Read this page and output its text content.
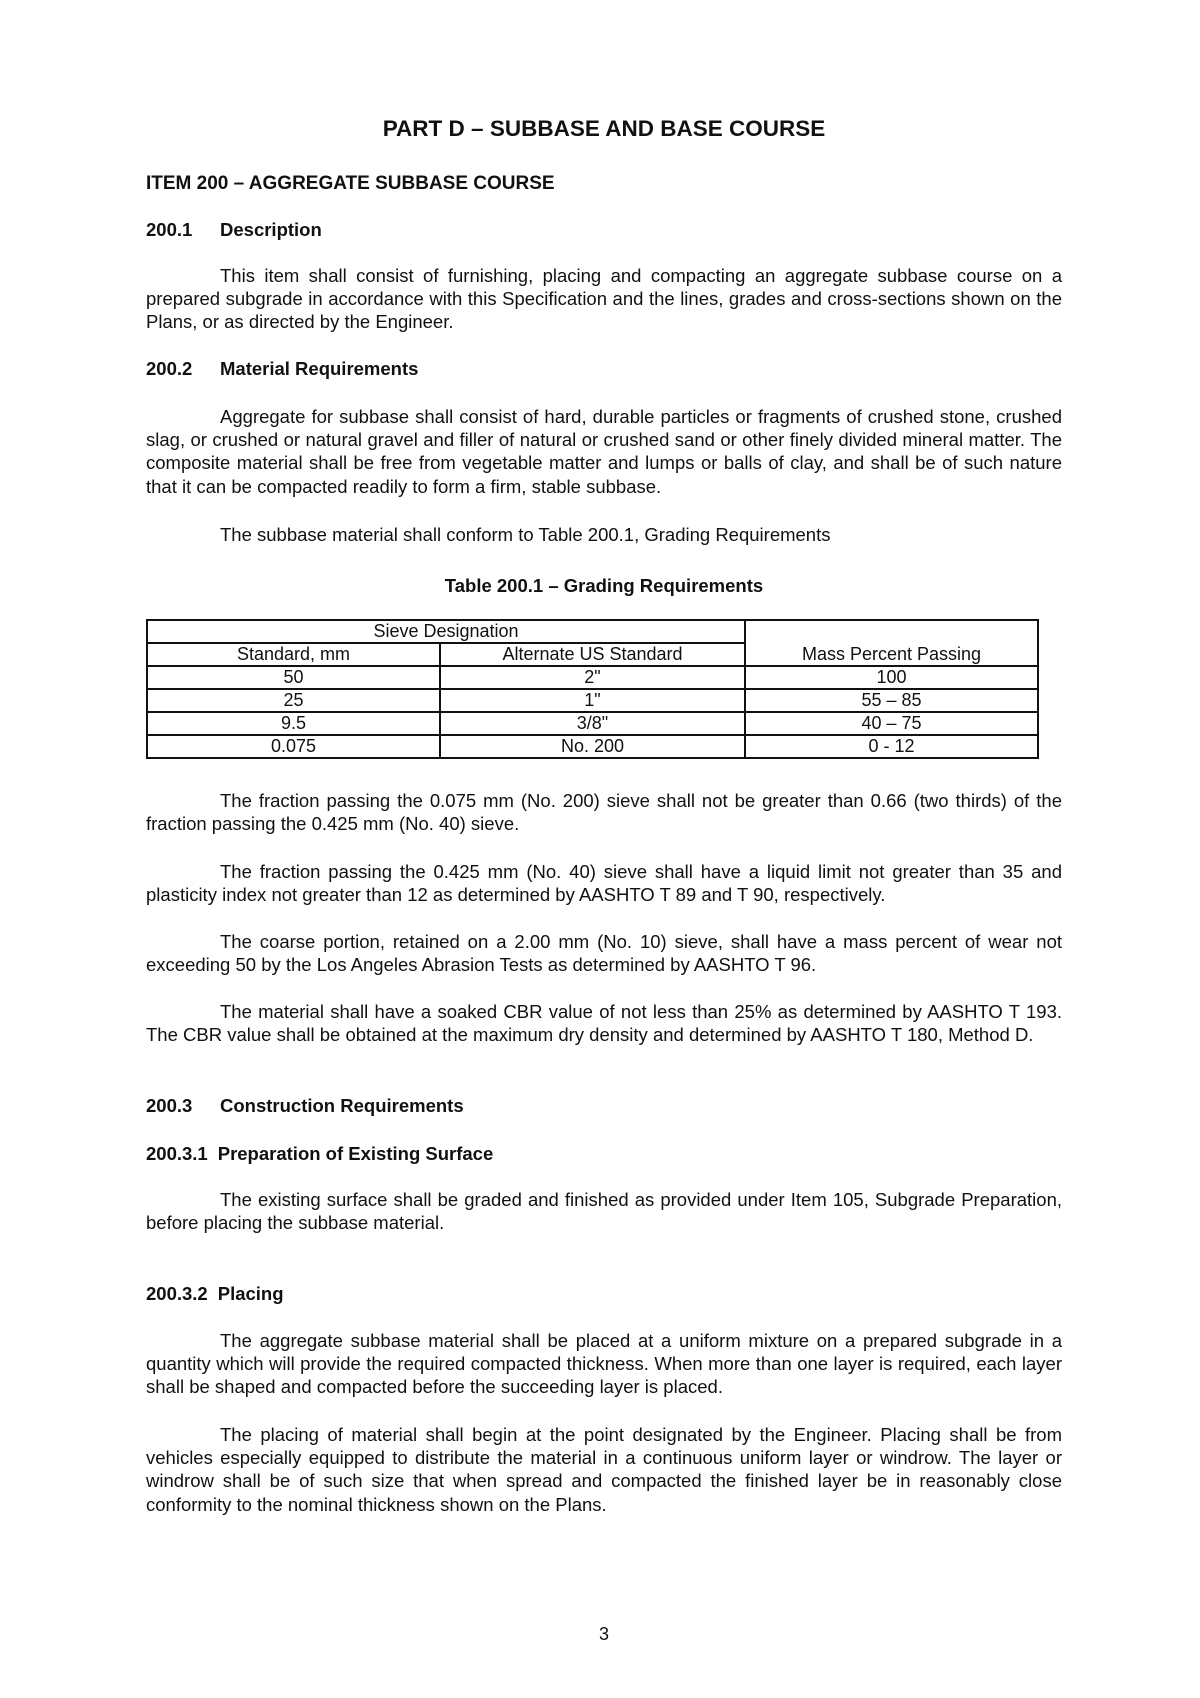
PART D – SUBBASE AND BASE COURSE
ITEM 200 – AGGREGATE SUBBASE COURSE
200.1 Description

This item shall consist of furnishing, placing and compacting an aggregate subbase course on a prepared subgrade in accordance with this Specification and the lines, grades and cross-sections shown on the Plans, or as directed by the Engineer.

200.2 Material Requirements

Aggregate for subbase shall consist of hard, durable particles or fragments of crushed stone, crushed slag, or crushed or natural gravel and filler of natural or crushed sand or other finely divided mineral matter. The composite material shall be free from vegetable matter and lumps or balls of clay, and shall be of such nature that it can be compacted readily to form a firm, stable subbase.

The subbase material shall conform to Table 200.1, Grading Requirements

Table 200.1 – Grading Requirements

Sieve Designation		Mass Percent Passing
Standard, mm	Alternate US Standard	
50	2"	100
25	1"	55 – 85
9.5	3/8"	40 – 75
0.075	No. 200	0 - 12

The fraction passing the 0.075 mm (No. 200) sieve shall not be greater than 0.66 (two thirds) of the fraction passing the 0.425 mm (No. 40) sieve.

The fraction passing the 0.425 mm (No. 40) sieve shall have a liquid limit not greater than 35 and plasticity index not greater than 12 as determined by AASHTO T 89 and T 90, respectively.

The coarse portion, retained on a 2.00 mm (No. 10) sieve, shall have a mass percent of wear not exceeding 50 by the Los Angeles Abrasion Tests as determined by AASHTO T 96.

The material shall have a soaked CBR value of not less than 25% as determined by AASHTO T 193. The CBR value shall be obtained at the maximum dry density and determined by AASHTO T 180, Method D.

200.3 Construction Requirements
200.3.1 Preparation of Existing Surface

The existing surface shall be graded and finished as provided under Item 105, Subgrade Preparation, before placing the subbase material.

200.3.2 Placing

The aggregate subbase material shall be placed at a uniform mixture on a prepared subgrade in a quantity which will provide the required compacted thickness. When more than one layer is required, each layer shall be shaped and compacted before the succeeding layer is placed.

The placing of material shall begin at the point designated by the Engineer. Placing shall be from vehicles especially equipped to distribute the material in a continuous uniform layer or windrow. The layer or windrow shall be of such size that when spread and compacted the finished layer be in reasonably close conformity to the nominal thickness shown on the Plans.

3
